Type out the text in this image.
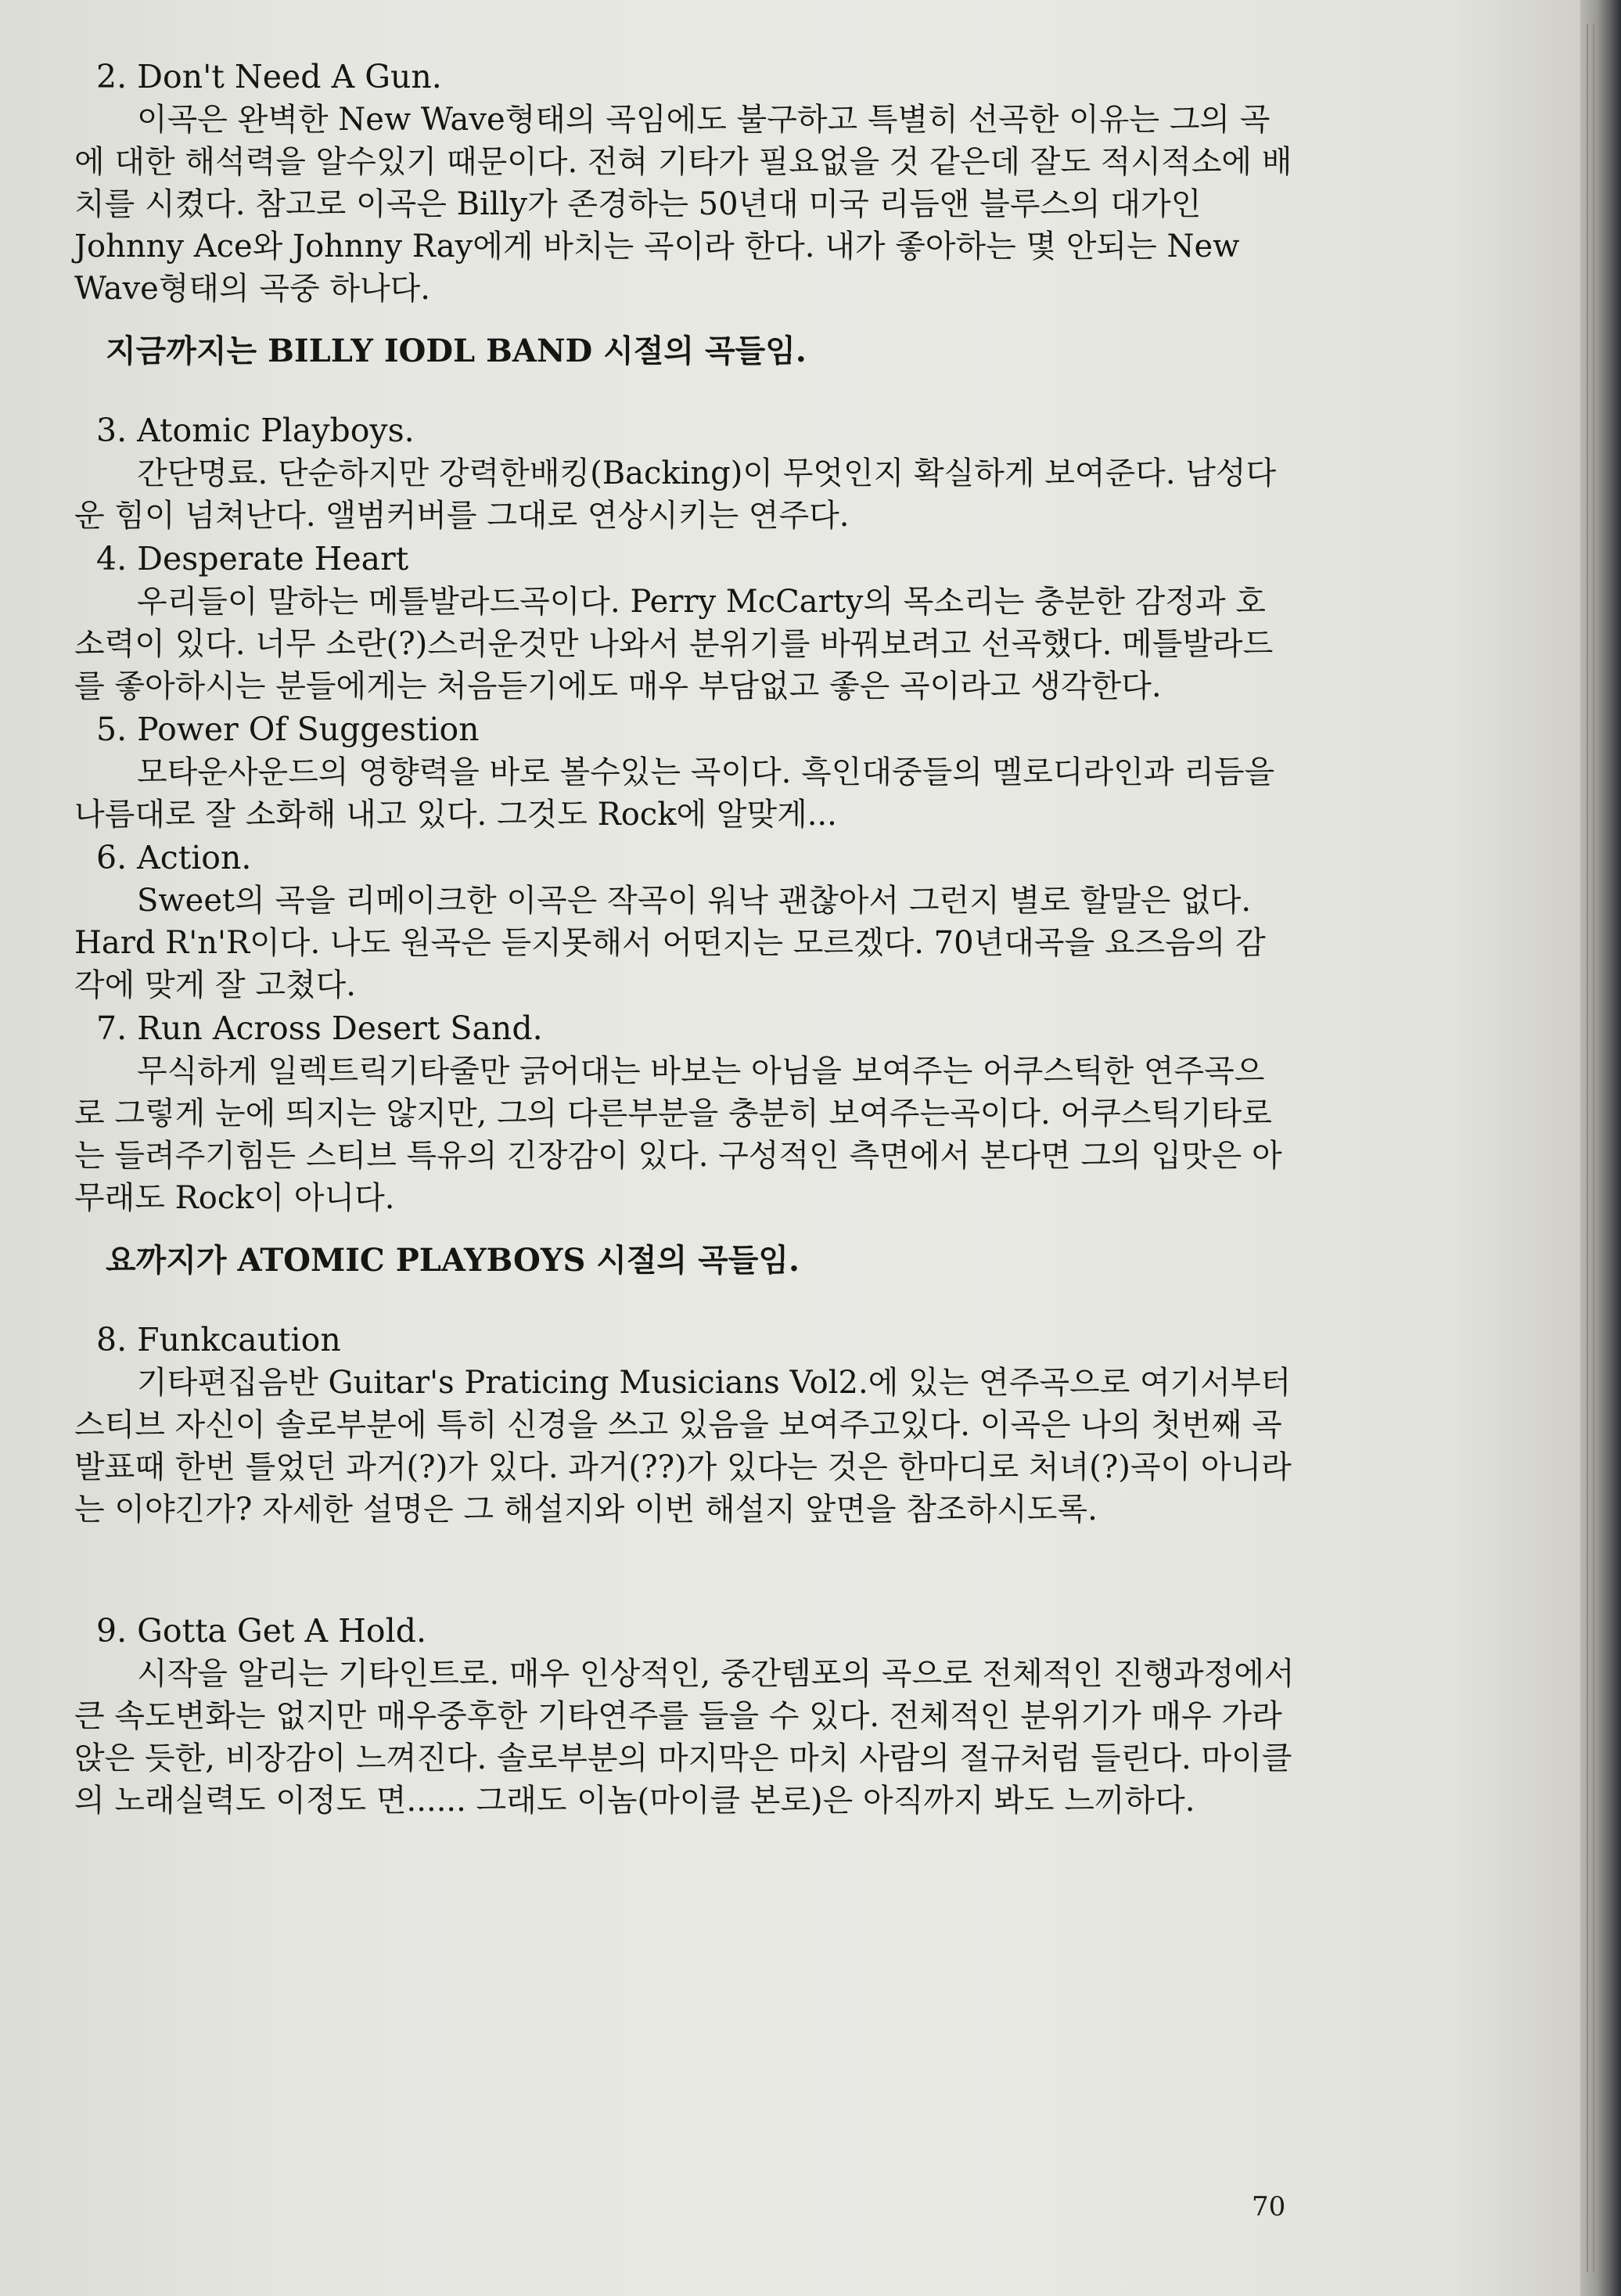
2. Don't Need A Gun.

이곡은 완벽한 New Wave형태의 곡임에도 불구하고 특별히 선곡한 이유는 그의 곡에 대한 해석력을 알수있기 때문이다. 전혀 기타가 필요없을 것 같은데 잘도 적시적소에 배치를 시켰다. 참고로 이곡은 Billy가 존경하는 50년대 미국 리듬앤 블루스의 대가인 Johnny Ace와 Johnny Ray에게 바치는 곡이라 한다. 내가 좋아하는 몇 안되는 New Wave형태의 곡중 하나다.

지금까지는 BILLY IODL BAND 시절의 곡들임.

3. Atomic Playboys.

간단명료. 단순하지만 강력한배킹(Backing)이 무엇인지 확실하게 보여준다. 남성다운 힘이 넘쳐난다. 앨범커버를 그대로 연상시키는 연주다.

4. Desperate Heart

우리들이 말하는 메틀발라드곡이다. Perry McCarty의 목소리는 충분한 감정과 호소력이 있다. 너무 소란(?)스러운것만 나와서 분위기를 바꿔보려고 선곡했다. 메틀발라드를 좋아하시는 분들에게는 처음듣기에도 매우 부담없고 좋은 곡이라고 생각한다.

5. Power Of Suggestion

모타운사운드의 영향력을 바로 볼수있는 곡이다. 흑인대중들의 멜로디라인과 리듬을 나름대로 잘 소화해 내고 있다. 그것도 Rock에 알맞게...

6. Action.

Sweet의 곡을 리메이크한 이곡은 작곡이 워낙 괜찮아서 그런지 별로 할말은 없다. Hard R'n'R이다. 나도 원곡은 듣지못해서 어떤지는 모르겠다. 70년대곡을 요즈음의 감각에 맞게 잘 고쳤다.

7. Run Across Desert Sand.

무식하게 일렉트릭기타줄만 긁어대는 바보는 아님을 보여주는 어쿠스틱한 연주곡으로 그렇게 눈에 띄지는 않지만, 그의 다른부분을 충분히 보여주는곡이다. 어쿠스틱기타로는 들려주기힘든 스티브 특유의 긴장감이 있다. 구성적인 측면에서 본다면 그의 입맛은 아무래도 Rock이 아니다.

요까지가 ATOMIC PLAYBOYS 시절의 곡들임.

8. Funkcaution

기타편집음반 Guitar's Praticing Musicians Vol2.에 있는 연주곡으로 여기서부터 스티브 자신이 솔로부분에 특히 신경을 쓰고 있음을 보여주고있다. 이곡은 나의 첫번째 곡발표때 한번 틀었던 과거(?)가 있다. 과거(??)가 있다는 것은 한마디로 처녀(?)곡이 아니라는 이야긴가? 자세한 설명은 그 해설지와 이번 해설지 앞면을 참조하시도록.

9. Gotta Get A Hold.

시작을 알리는 기타인트로. 매우 인상적인, 중간템포의 곡으로 전체적인 진행과정에서 큰 속도변화는 없지만 매우중후한 기타연주를 들을 수 있다. 전체적인 분위기가 매우 가라앉은 듯한, 비장감이 느껴진다. 솔로부분의 마지막은 마치 사람의 절규처럼 들린다. 마이클의 노래실력도 이정도 면...... 그래도 이놈(마이클 본로)은 아직까지 봐도 느끼하다.

70
